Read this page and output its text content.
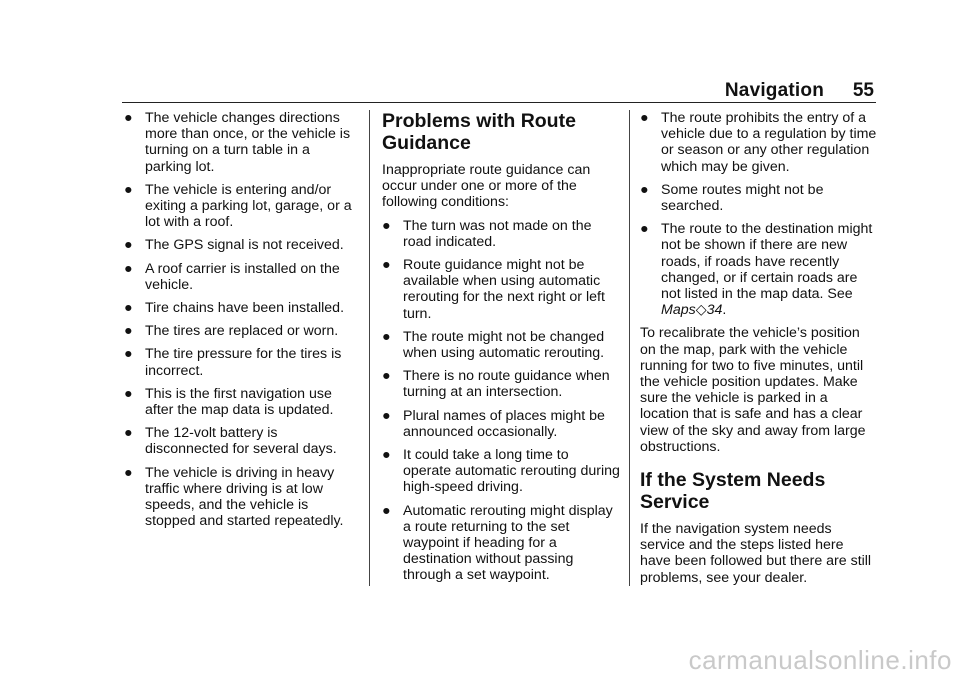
Navigation 55
● The vehicle changes directions more than once, or the vehicle is turning on a turn table in a parking lot.
● The vehicle is entering and/or exiting a parking lot, garage, or a lot with a roof.
● The GPS signal is not received.
● A roof carrier is installed on the vehicle.
● Tire chains have been installed.
● The tires are replaced or worn.
● The tire pressure for the tires is incorrect.
● This is the first navigation use after the map data is updated.
● The 12-volt battery is disconnected for several days.
● The vehicle is driving in heavy traffic where driving is at low speeds, and the vehicle is stopped and started repeatedly.
Problems with Route Guidance

Inappropriate route guidance can occur under one or more of the following conditions:

● The turn was not made on the road indicated.
● Route guidance might not be available when using automatic rerouting for the next right or left turn.
● The route might not be changed when using automatic rerouting.
● There is no route guidance when turning at an intersection.
● Plural names of places might be announced occasionally.
● It could take a long time to operate automatic rerouting during high-speed driving.
● Automatic rerouting might display a route returning to the set waypoint if heading for a destination without passing through a set waypoint.
● The route prohibits the entry of a vehicle due to a regulation by time or season or any other regulation which may be given.
● Some routes might not be searched.
● The route to the destination might not be shown if there are new roads, if roads have recently changed, or if certain roads are not listed in the map data. See Maps◇34.

To recalibrate the vehicle’s position on the map, park with the vehicle running for two to five minutes, until the vehicle position updates. Make sure the vehicle is parked in a location that is safe and has a clear view of the sky and away from large obstructions.

If the System Needs Service

If the navigation system needs service and the steps listed here have been followed but there are still problems, see your dealer.

carmanualsonline.info
